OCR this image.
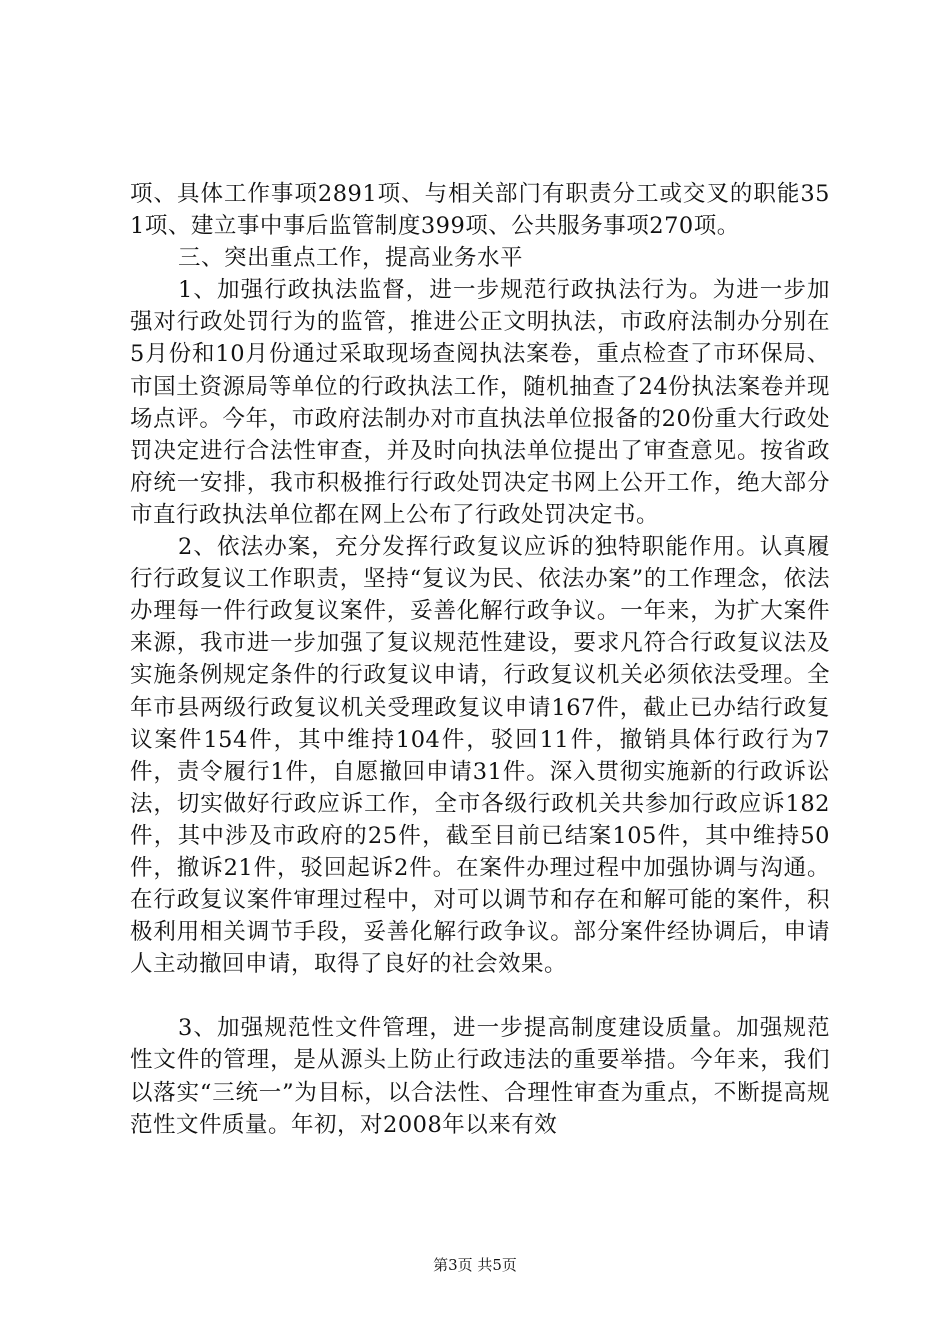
项、具体工作事项2891项、与相关部门有职责分工或交叉的职能351项、建立事中事后监管制度399项、公共服务事项270项。

三、突出重点工作，提高业务水平

1、加强行政执法监督，进一步规范行政执法行为。为进一步加强对行政处罚行为的监管，推进公正文明执法，市政府法制办分别在5月份和10月份通过采取现场查阅执法案卷，重点检查了市环保局、市国土资源局等单位的行政执法工作，随机抽查了24份执法案卷并现场点评。今年，市政府法制办对市直执法单位报备的20份重大行政处罚决定进行合法性审查，并及时向执法单位提出了审查意见。按省政府统一安排，我市积极推行行政处罚决定书网上公开工作，绝大部分市直行政执法单位都在网上公布了行政处罚决定书。

2、依法办案，充分发挥行政复议应诉的独特职能作用。认真履行行政复议工作职责，坚持“复议为民、依法办案”的工作理念，依法办理每一件行政复议案件，妥善化解行政争议。一年来，为扩大案件来源，我市进一步加强了复议规范性建设，要求凡符合行政复议法及实施条例规定条件的行政复议申请，行政复议机关必须依法受理。全年市县两级行政复议机关受理政复议申请167件，截止已办结行政复议案件154件，其中维持104件，驳回11件，撤销具体行政行为7件，责令履行1件，自愿撤回申请31件。深入贯彻实施新的行政诉讼法，切实做好行政应诉工作，全市各级行政机关共参加行政应诉182件，其中涉及市政府的25件，截至目前已结案105件，其中维持50件，撤诉21件，驳回起诉2件。在案件办理过程中加强协调与沟通。在行政复议案件审理过程中，对可以调节和存在和解可能的案件，积极利用相关调节手段，妥善化解行政争议。部分案件经协调后，申请人主动撤回申请，取得了良好的社会效果。

3、加强规范性文件管理，进一步提高制度建设质量。加强规范性文件的管理，是从源头上防止行政违法的重要举措。今年来，我们以落实“三统一”为目标，以合法性、合理性审查为重点，不断提高规范性文件质量。年初，对2008年以来有效

第3页 共5页
